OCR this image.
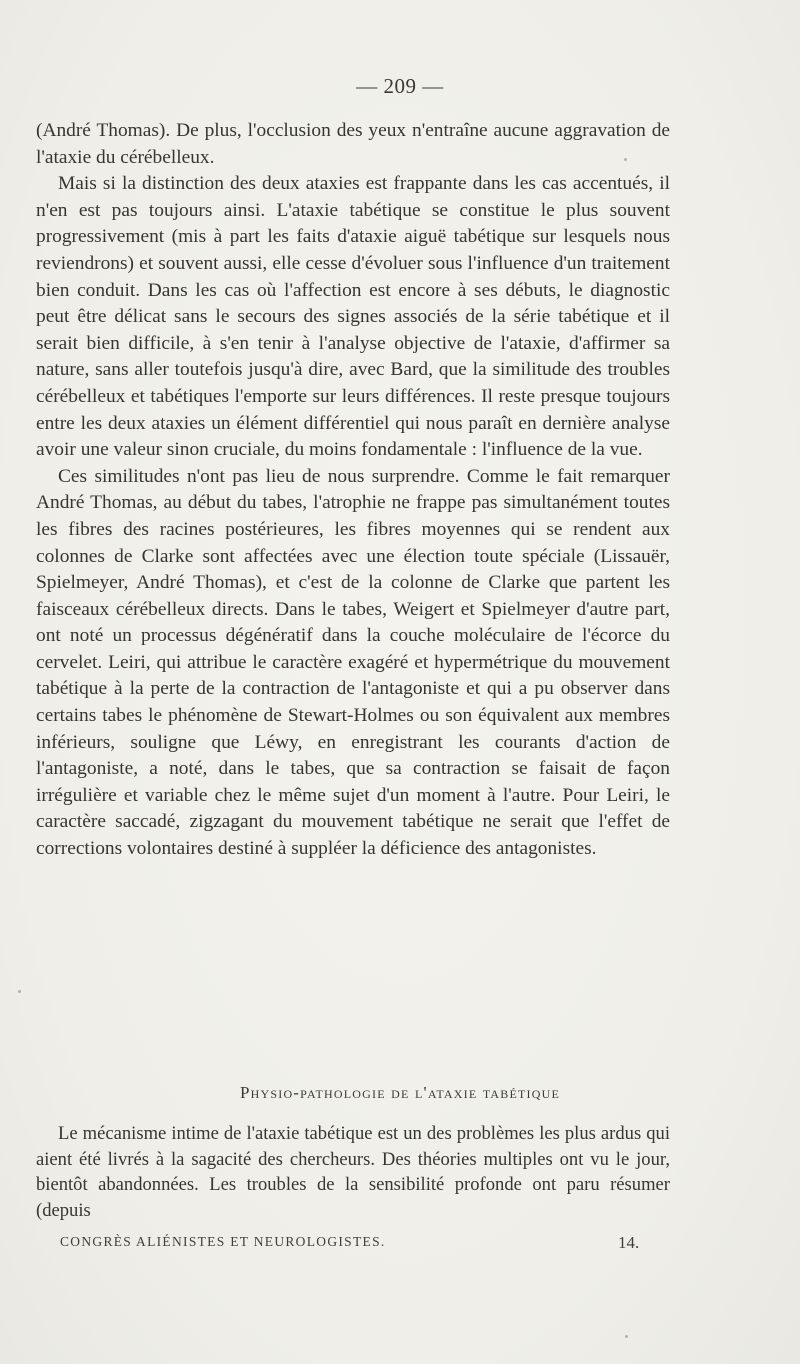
— 209 —

(André Thomas). De plus, l'occlusion des yeux n'entraîne aucune aggravation de l'ataxie du cérébelleux.

Mais si la distinction des deux ataxies est frappante dans les cas accentués, il n'en est pas toujours ainsi. L'ataxie tabétique se constitue le plus souvent progressivement (mis à part les faits d'ataxie aiguë tabétique sur lesquels nous reviendrons) et souvent aussi, elle cesse d'évoluer sous l'influence d'un traitement bien conduit. Dans les cas où l'affection est encore à ses débuts, le diagnostic peut être délicat sans le secours des signes associés de la série tabétique et il serait bien difficile, à s'en tenir à l'analyse objective de l'ataxie, d'affirmer sa nature, sans aller toutefois jusqu'à dire, avec Bard, que la similitude des troubles cérébelleux et tabétiques l'emporte sur leurs différences. Il reste presque toujours entre les deux ataxies un élément différentiel qui nous paraît en dernière analyse avoir une valeur sinon cruciale, du moins fondamentale : l'influence de la vue.

Ces similitudes n'ont pas lieu de nous surprendre. Comme le fait remarquer André Thomas, au début du tabes, l'atrophie ne frappe pas simultanément toutes les fibres des racines postérieures, les fibres moyennes qui se rendent aux colonnes de Clarke sont affectées avec une élection toute spéciale (Lissauër, Spielmeyer, André Thomas), et c'est de la colonne de Clarke que partent les faisceaux cérébelleux directs. Dans le tabes, Weigert et Spielmeyer d'autre part, ont noté un processus dégénératif dans la couche moléculaire de l'écorce du cervelet. Leiri, qui attribue le caractère exagéré et hypermétrique du mouvement tabétique à la perte de la contraction de l'antagoniste et qui a pu observer dans certains tabes le phénomène de Stewart-Holmes ou son équivalent aux membres inférieurs, souligne que Léwy, en enregistrant les courants d'action de l'antagoniste, a noté, dans le tabes, que sa contraction se faisait de façon irrégulière et variable chez le même sujet d'un moment à l'autre. Pour Leiri, le caractère saccadé, zigzagant du mouvement tabétique ne serait que l'effet de corrections volontaires destiné à suppléer la déficience des antagonistes.

Physio-pathologie de l'ataxie tabétique

Le mécanisme intime de l'ataxie tabétique est un des problèmes les plus ardus qui aient été livrés à la sagacité des chercheurs. Des théories multiples ont vu le jour, bientôt abandonnées. Les troubles de la sensibilité profonde ont paru résumer (depuis

CONGRÈS ALIÉNISTES ET NEUROLOGISTES.	14.
